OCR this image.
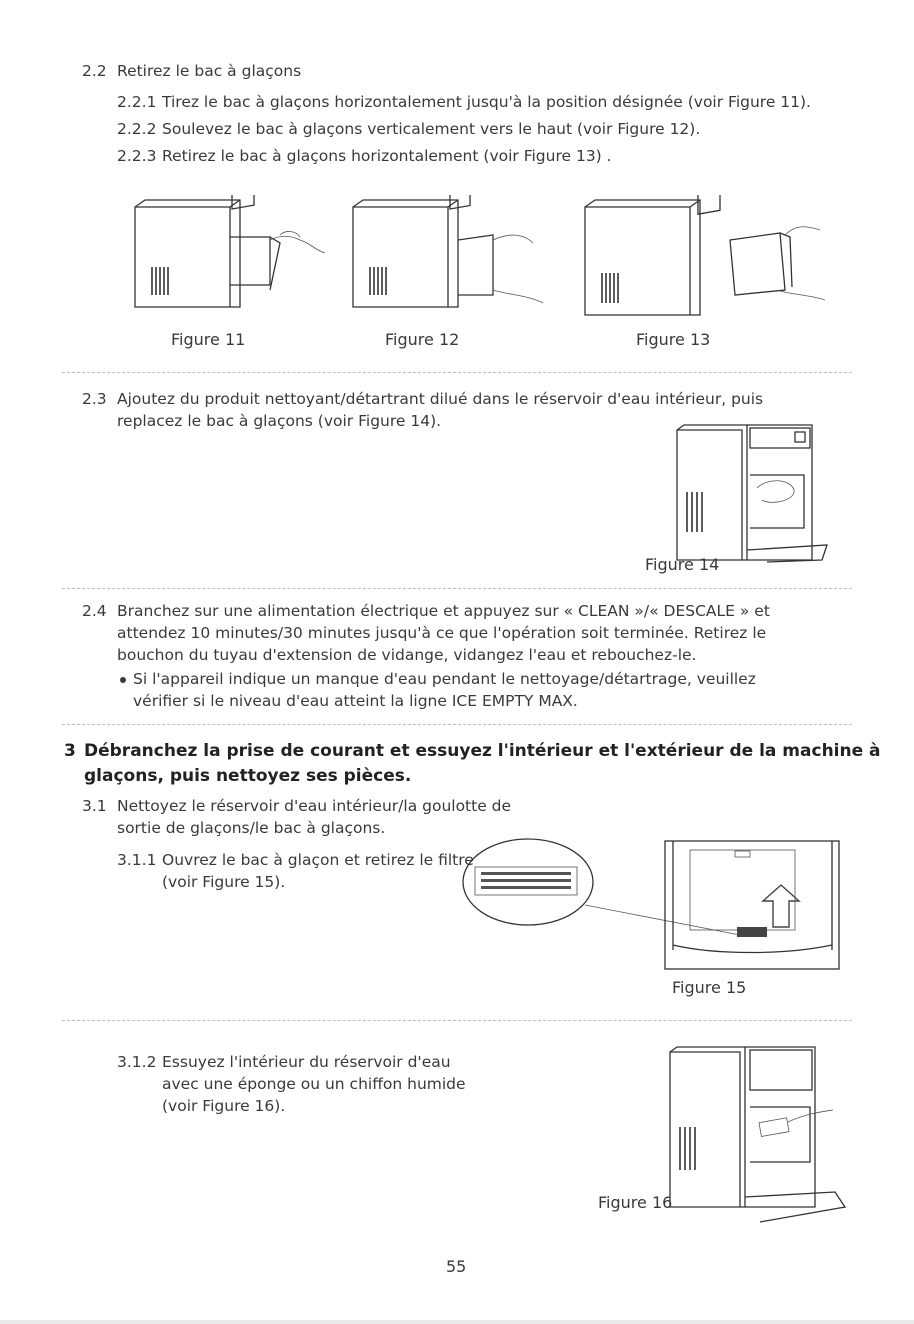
2.2 Retirez le bac à glaçons
2.2.1 Tirez le bac à glaçons horizontalement jusqu'à la position désignée (voir Figure 11).
2.2.2 Soulevez le bac à glaçons verticalement vers le haut (voir Figure 12).
2.2.3 Retirez le bac à glaçons horizontalement (voir Figure 13) .
Figure 11	Figure 12	Figure 13
2.3 Ajoutez du produit nettoyant/détartrant dilué dans le réservoir d'eau intérieur, puis
replacez le bac à glaçons (voir Figure 14).
Figure 14
2.4 Branchez sur une alimentation électrique et appuyez sur « CLEAN »/« DESCALE » et
attendez 10 minutes/30 minutes jusqu'à ce que l'opération soit terminée. Retirez le
bouchon du tuyau d'extension de vidange, vidangez l'eau et rebouchez-le.
Si l'appareil indique un manque d'eau pendant le nettoyage/détartrage, veuillez
vérifier si le niveau d'eau atteint la ligne ICE EMPTY MAX.
3 Débranchez la prise de courant et essuyez l'intérieur et l'extérieur de la machine à
glaçons, puis nettoyez ses pièces.
3.1 Nettoyez le réservoir d'eau intérieur/la goulotte de
sortie de glaçons/le bac à glaçons.
3.1.1 Ouvrez le bac à glaçon et retirez le filtre
(voir Figure 15).
Figure 15
3.1.2 Essuyez l'intérieur du réservoir d'eau
avec une éponge ou un chiffon humide
(voir Figure 16).
Figure 16
55
